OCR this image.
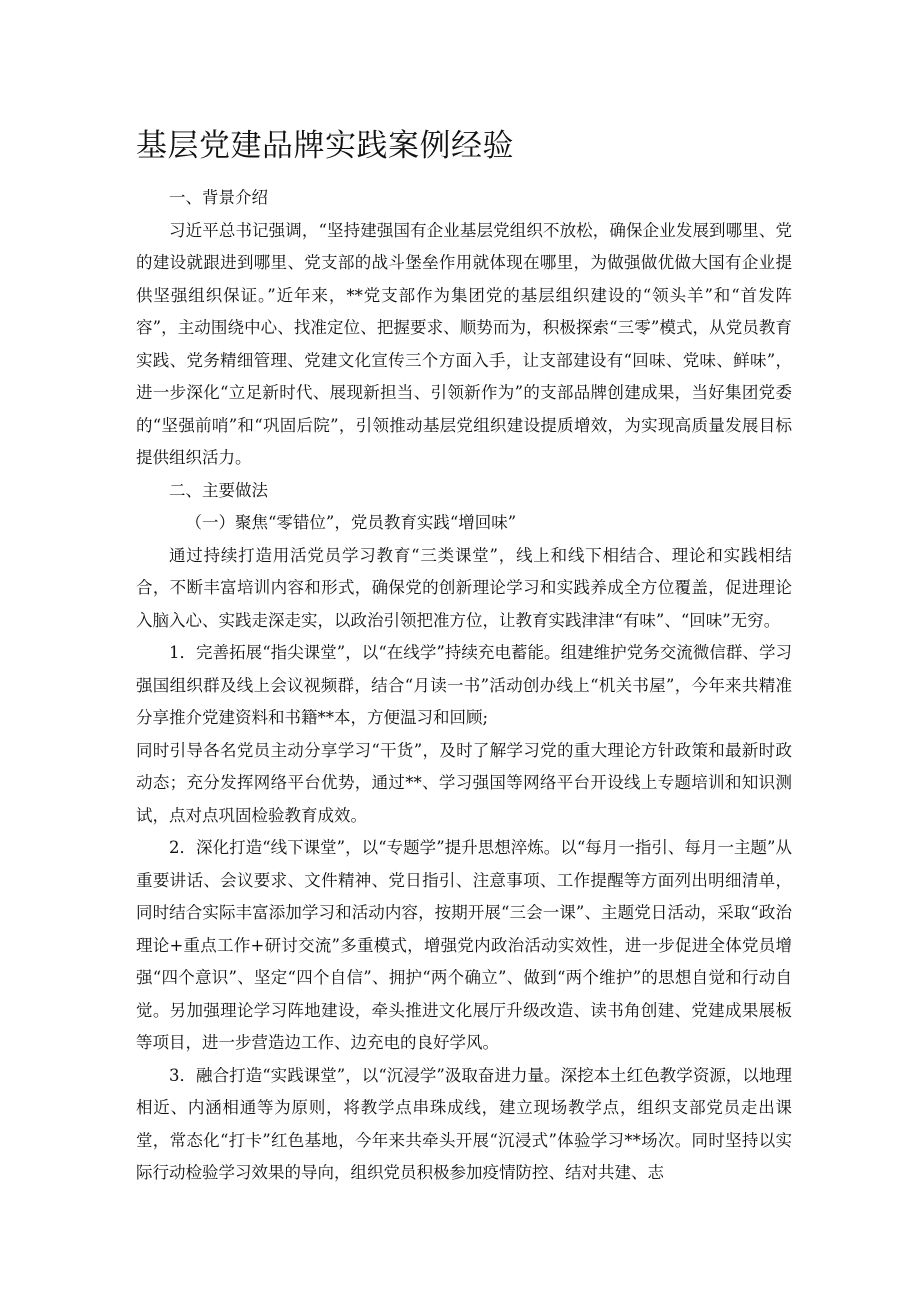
基层党建品牌实践案例经验

一、背景介绍

习近平总书记强调，“坚持建强国有企业基层党组织不放松，确保企业发展到哪里、党的建设就跟进到哪里、党支部的战斗堡垒作用就体现在哪里，为做强做优做大国有企业提供坚强组织保证。”近年来，**党支部作为集团党的基层组织建设的“领头羊”和“首发阵容”，主动围绕中心、找准定位、把握要求、顺势而为，积极探索“三零”模式，从党员教育实践、党务精细管理、党建文化宣传三个方面入手，让支部建设有“回味、党味、鲜味”，进一步深化“立足新时代、展现新担当、引领新作为”的支部品牌创建成果，当好集团党委的“坚强前哨”和“巩固后院”，引领推动基层党组织建设提质增效，为实现高质量发展目标提供组织活力。

二、主要做法

（一）聚焦“零错位”，党员教育实践“增回味”

通过持续打造用活党员学习教育“三类课堂”，线上和线下相结合、理论和实践相结合，不断丰富培训内容和形式，确保党的创新理论学习和实践养成全方位覆盖，促进理论入脑入心、实践走深走实，以政治引领把准方位，让教育实践津津“有味”、“回味”无穷。

1．完善拓展“指尖课堂”，以“在线学”持续充电蓄能。组建维护党务交流微信群、学习强国组织群及线上会议视频群，结合“月读一书”活动创办线上“机关书屋”，今年来共精准分享推介党建资料和书籍**本，方便温习和回顾;

同时引导各名党员主动分享学习“干货”，及时了解学习党的重大理论方针政策和最新时政动态；充分发挥网络平台优势，通过**、学习强国等网络平台开设线上专题培训和知识测试，点对点巩固检验教育成效。

2．深化打造“线下课堂”，以“专题学”提升思想淬炼。以“每月一指引、每月一主题”从重要讲话、会议要求、文件精神、党日指引、注意事项、工作提醒等方面列出明细清单，同时结合实际丰富添加学习和活动内容，按期开展“三会一课”、主题党日活动，采取“政治理论+重点工作+研讨交流”多重模式，增强党内政治活动实效性，进一步促进全体党员增强“四个意识”、坚定“四个自信”、拥护“两个确立”、做到“两个维护”的思想自觉和行动自觉。另加强理论学习阵地建设，牵头推进文化展厅升级改造、读书角创建、党建成果展板等项目，进一步营造边工作、边充电的良好学风。

3．融合打造“实践课堂”，以“沉浸学”汲取奋进力量。深挖本土红色教学资源，以地理相近、内涵相通等为原则，将教学点串珠成线，建立现场教学点，组织支部党员走出课堂，常态化“打卡”红色基地，今年来共牵头开展“沉浸式”体验学习**场次。同时坚持以实际行动检验学习效果的导向，组织党员积极参加疫情防控、结对共建、志
